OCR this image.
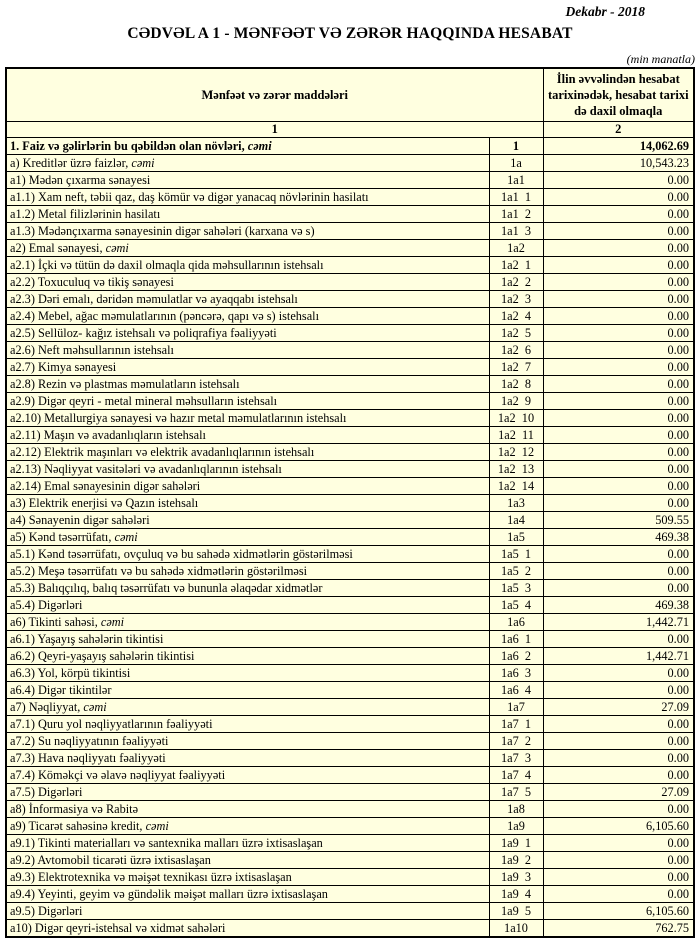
Dekabr - 2018
CƏDVƏL A 1 - MƏNFƏƏT VƏ ZƏRƏR HAQQINDA HESABAT
(min manatla)
Mənfəət və zərər maddələri		İlin əvvəlindən hesabat tarixinədək, hesabat tarixi də daxil olmaqla
1		2
1. Faiz və gəlirlərin bu qəbildən olan növləri, cəmi	1	14,062.69
a) Kreditlər üzrə faizlər, cəmi	1a	10,543.23
a1) Mədən çıxarma sənayesi	1a1	0.00
a1.1) Xam neft, təbii qaz, daş kömür və digər yanacaq növlərinin hasilatı	1a1  1	0.00
a1.2) Metal filizlərinin hasilatı	1a1  2	0.00
a1.3) Mədənçıxarma sənayesinin digər sahələri (karxana və s)	1a1  3	0.00
a2) Emal sənayesi, cəmi	1a2	0.00
a2.1) İçki və tütün də daxil olmaqla qida məhsullarının istehsalı	1a2  1	0.00
a2.2) Toxuculuq və tikiş sənayesi	1a2  2	0.00
a2.3) Dəri emalı, dəridən məmulatlar və ayaqqabı istehsalı	1a2  3	0.00
a2.4) Mebel, ağac məmulatlarının (pəncərə, qapı və s) istehsalı	1a2  4	0.00
a2.5) Sellüloz- kağız istehsalı və poliqrafiya fəaliyyəti	1a2  5	0.00
a2.6) Neft məhsullarının istehsalı	1a2  6	0.00
a2.7) Kimya sənayesi	1a2  7	0.00
a2.8) Rezin və plastmas məmulatların istehsalı	1a2  8	0.00
a2.9) Digər qeyri - metal mineral məhsulların istehsalı	1a2  9	0.00
a2.10) Metallurgiya sənayesi və hazır metal məmulatlarının istehsalı	1a2  10	0.00
a2.11) Maşın və avadanlıqların istehsalı	1a2  11	0.00
a2.12) Elektrik maşınları və elektrik avadanlıqlarının istehsalı	1a2  12	0.00
a2.13) Nəqliyyat vasitələri və avadanlıqlarının istehsalı	1a2  13	0.00
a2.14) Emal sənayesinin digər sahələri	1a2  14	0.00
a3) Elektrik enerjisi və Qazın istehsalı	1a3	0.00
a4) Sənayenin digər sahələri	1a4	509.55
a5) Kənd təsərrüfatı, cəmi	1a5	469.38
a5.1) Kənd təsərrüfatı, ovçuluq və bu sahədə xidmətlərin göstərilməsi	1a5  1	0.00
a5.2) Meşə təsərrüfatı və bu sahədə xidmətlərin göstərilməsi	1a5  2	0.00
a5.3) Balıqçılıq, balıq təsərrüfatı və bununla əlaqədar xidmətlər	1a5  3	0.00
a5.4) Digərləri	1a5  4	469.38
a6) Tikinti sahəsi, cəmi	1a6	1,442.71
a6.1) Yaşayış sahələrin tikintisi	1a6  1	0.00
a6.2) Qeyri-yaşayış sahələrin tikintisi	1a6  2	1,442.71
a6.3) Yol, körpü tikintisi	1a6  3	0.00
a6.4) Digər tikintilər	1a6  4	0.00
a7) Nəqliyyat, cəmi	1a7	27.09
a7.1) Quru yol nəqliyyatlarının fəaliyyəti	1a7  1	0.00
a7.2) Su nəqliyyatının fəaliyyəti	1a7  2	0.00
a7.3) Hava nəqliyyatı fəaliyyəti	1a7  3	0.00
a7.4) Köməkçi və əlavə nəqliyyat fəaliyyəti	1a7  4	0.00
a7.5) Digərləri	1a7  5	27.09
a8) İnformasiya və Rabitə	1a8	0.00
a9) Ticarət sahəsinə kredit, cəmi	1a9	6,105.60
a9.1) Tikinti materialları və santexnika malları üzrə ixtisaslaşan	1a9  1	0.00
a9.2) Avtomobil ticarəti üzrə ixtisaslaşan	1a9  2	0.00
a9.3) Elektrotexnika və məişət texnikası üzrə ixtisaslaşan	1a9  3	0.00
a9.4) Yeyinti, geyim və gündəlik məişət malları üzrə ixtisaslaşan	1a9  4	0.00
a9.5) Digərləri	1a9  5	6,105.60
a10) Digər qeyri-istehsal və xidmət sahələri	1a10	762.75
